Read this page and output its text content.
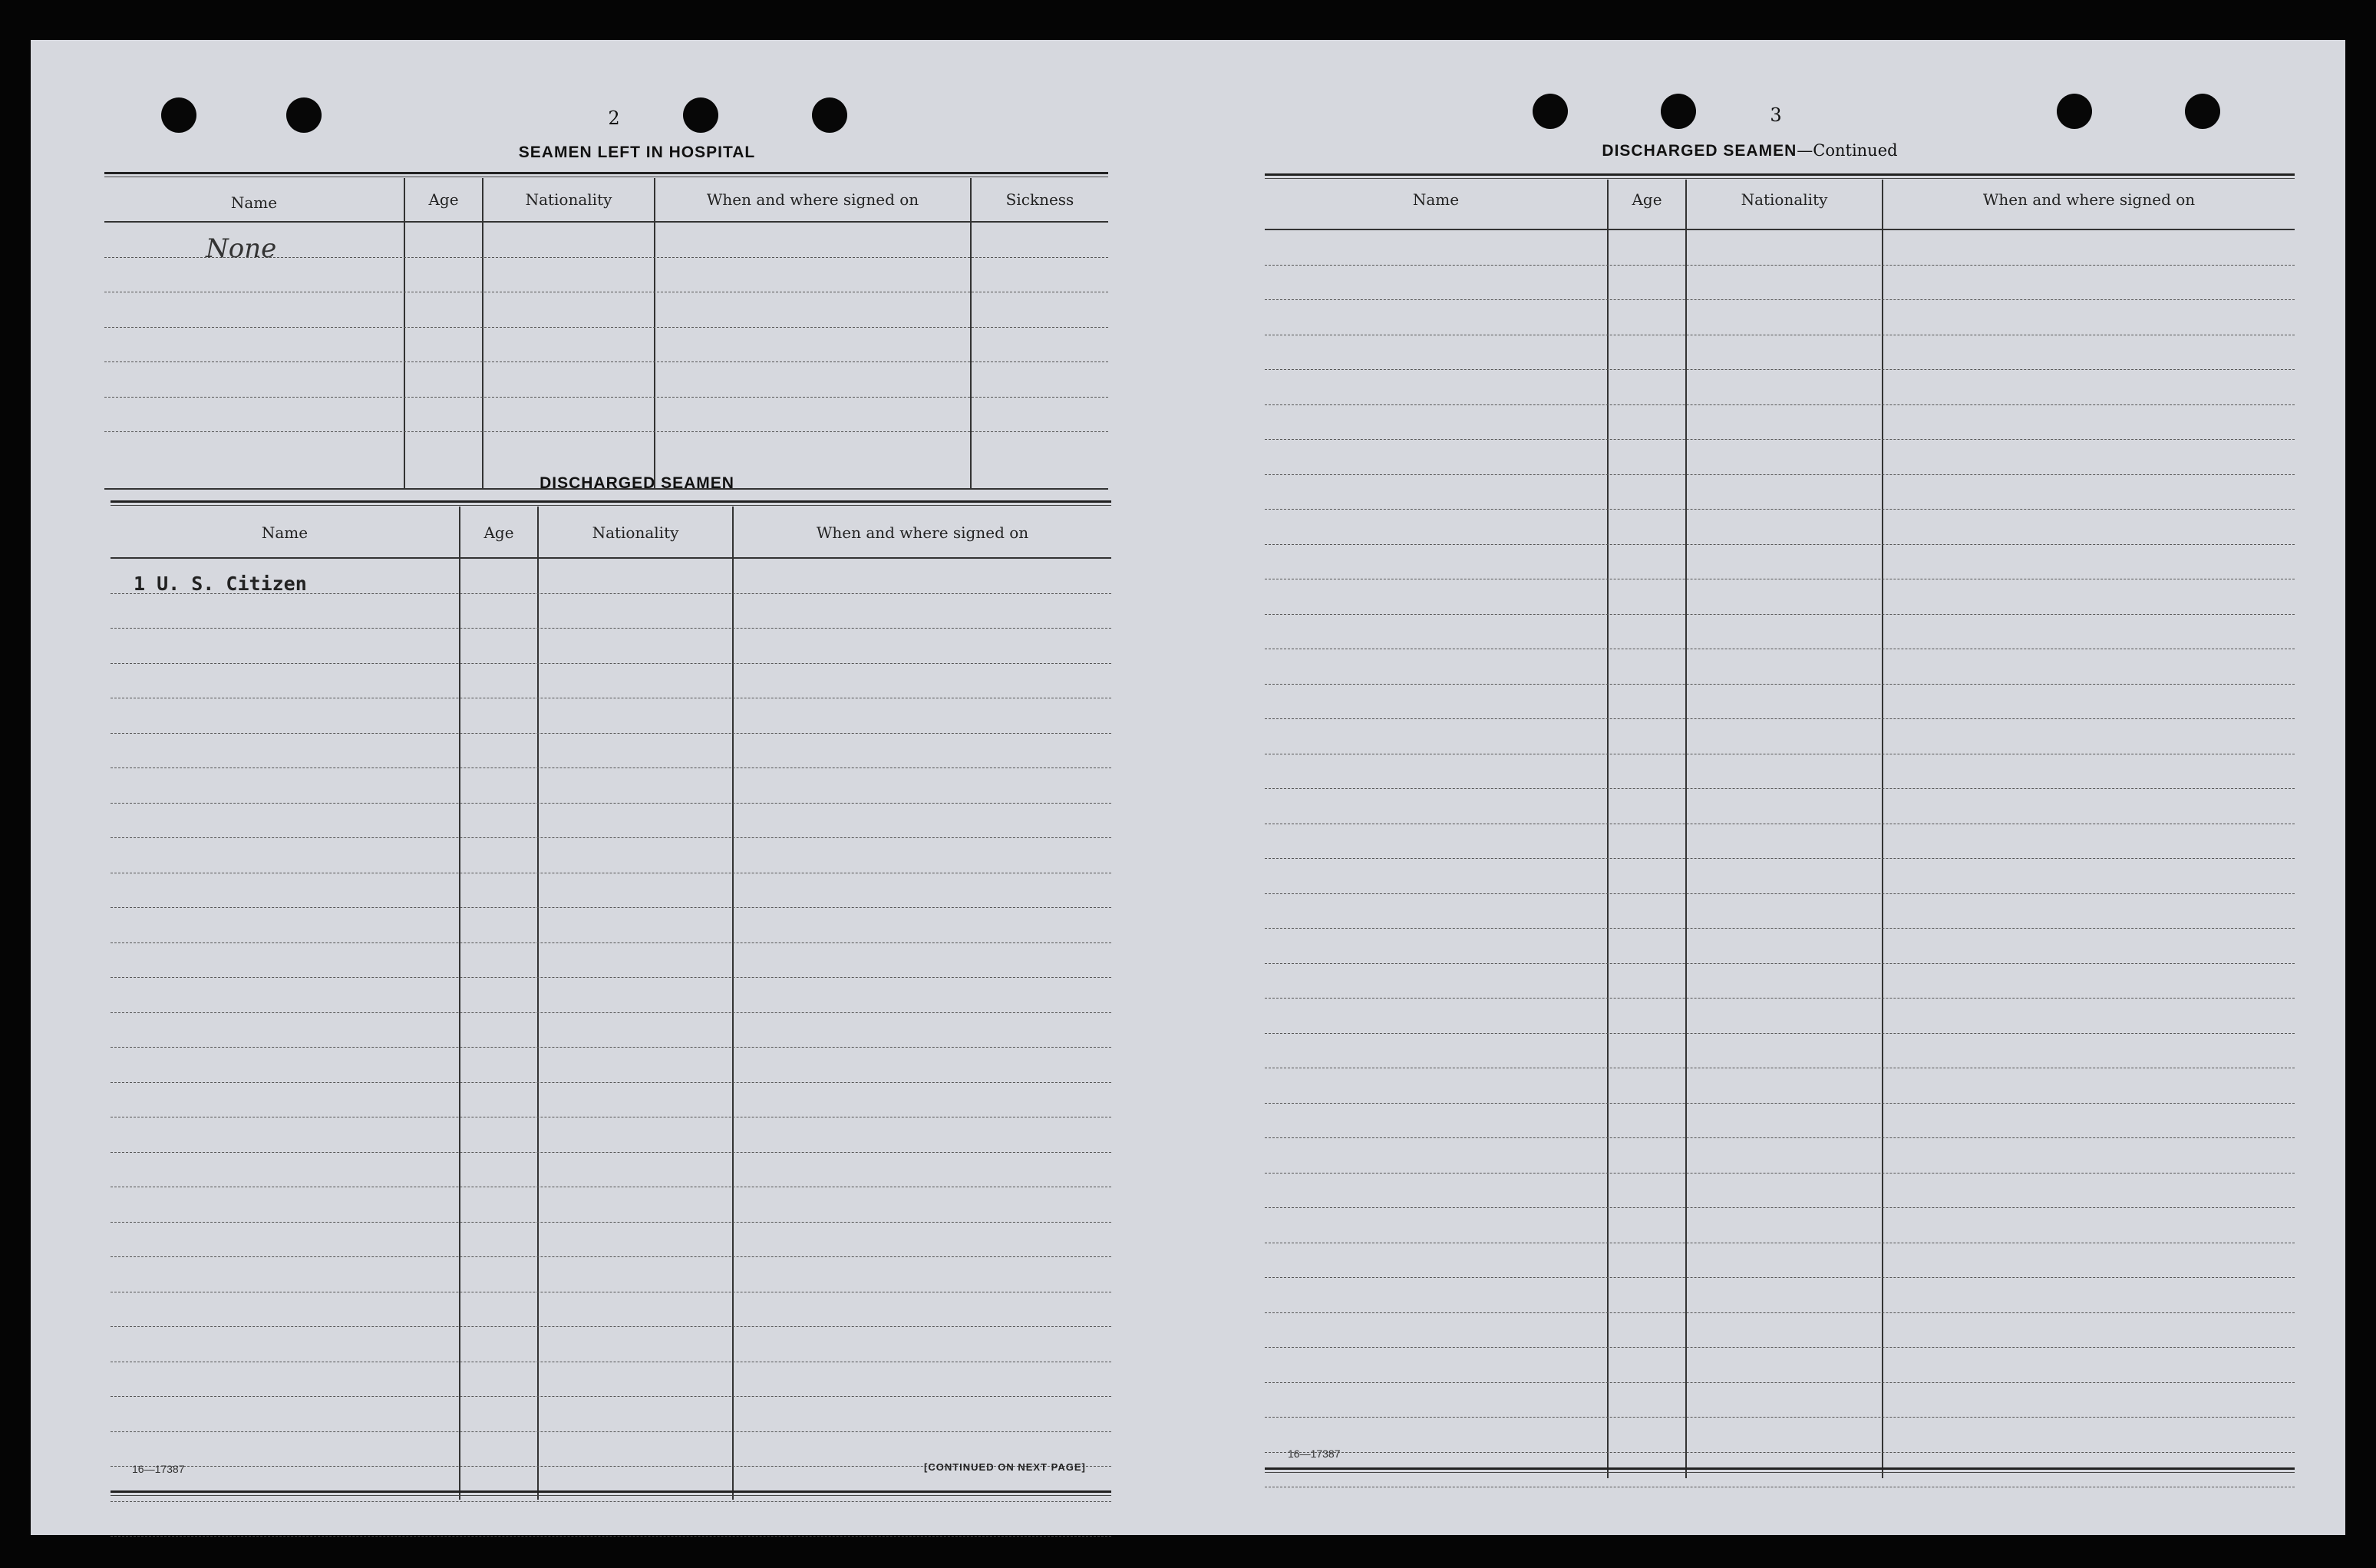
2
SEAMEN LEFT IN HOSPITAL
Name	Age	Nationality	When and where signed on	Sickness
None
DISCHARGED SEAMEN
Name	Age	Nationality	When and where signed on
1 U. S. Citizen
16—17387	[CONTINUED ON NEXT PAGE]
3
DISCHARGED SEAMEN—Continued
Name	Age	Nationality	When and where signed on
16—17387
